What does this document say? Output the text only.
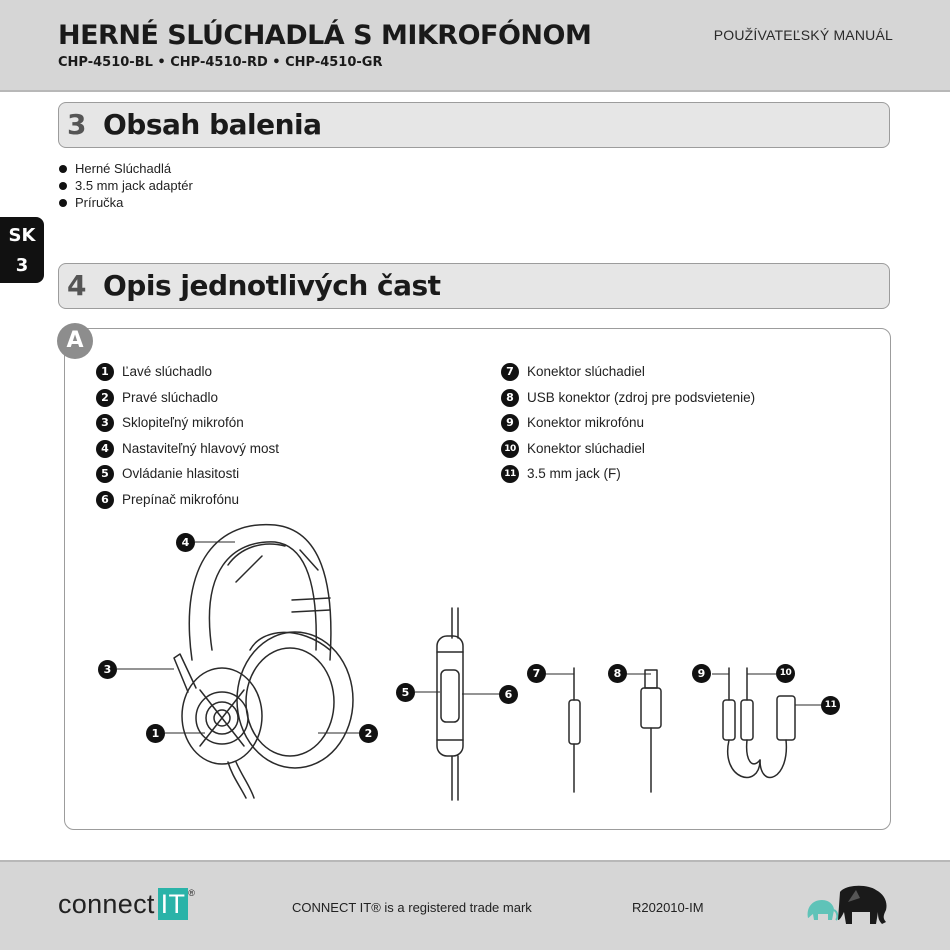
HERNÉ SLÚCHADLÁ S MIKROFÓNOM
CHP-4510-BL • CHP-4510-RD • CHP-4510-GR
POUŽÍVATEĽSKÝ MANUÁL
3 Obsah balenia
Herné Slúchadlá
3.5 mm jack adaptér
Príručka
SK
3
4 Opis jednotlivých čast
A
1 Ľavé slúchadlo
2 Pravé slúchadlo
3 Sklopiteľný mikrofón
4 Nastaviteľný hlavový most
5 Ovládanie hlasitosti
6 Prepínač mikrofónu
7 Konektor slúchadiel
8 USB konektor (zdroj pre podsvietenie)
9 Konektor mikrofónu
10 Konektor slúchadiel
11 3.5 mm jack (F)
4
3
1	2
5	6
7	8	9	10
11
connect IT ®
CONNECT IT® is a registered trade mark	R202010-IM
